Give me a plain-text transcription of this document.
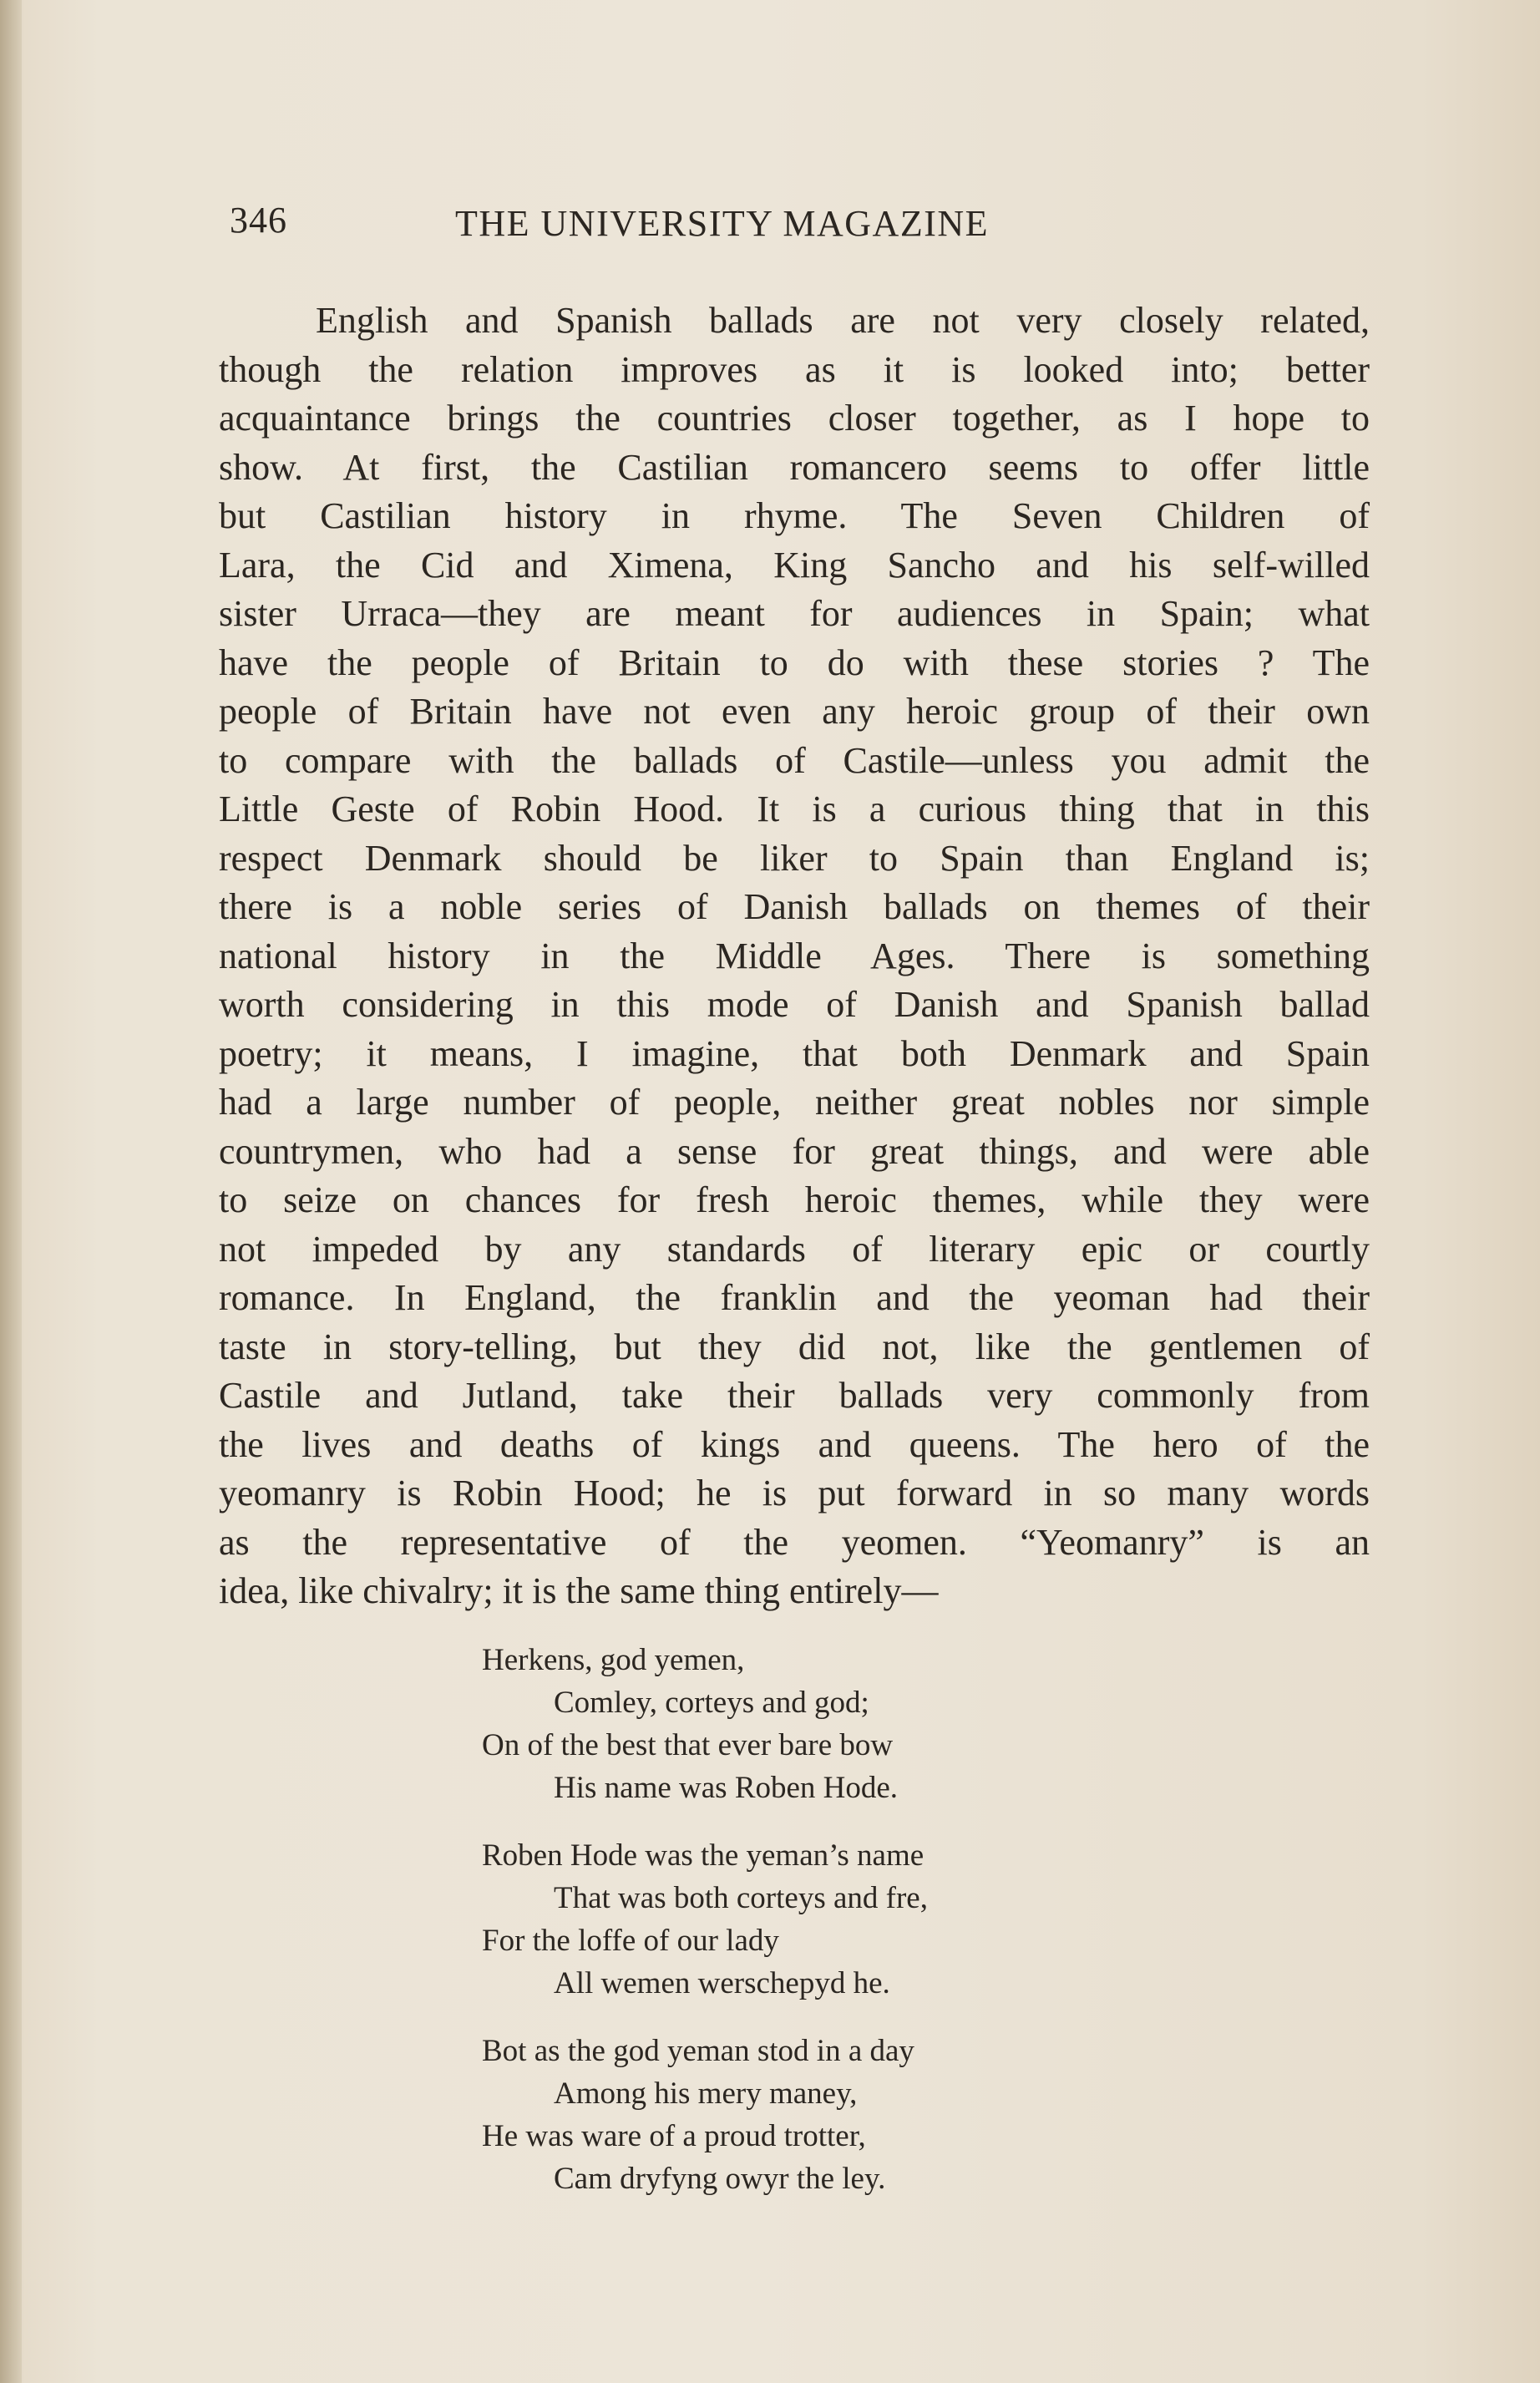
346	THE UNIVERSITY MAGAZINE
English and Spanish ballads are not very closely related,
though the relation improves as it is looked into; better
acquaintance brings the countries closer together, as I hope to
show. At first, the Castilian romancero seems to offer little
but Castilian history in rhyme. The Seven Children of
Lara, the Cid and Ximena, King Sancho and his self-willed
sister Urraca—they are meant for audiences in Spain; what
have the people of Britain to do with these stories ? The
people of Britain have not even any heroic group of their own
to compare with the ballads of Castile—unless you admit the
Little Geste of Robin Hood. It is a curious thing that in this
respect Denmark should be liker to Spain than England is;
there is a noble series of Danish ballads on themes of their
national history in the Middle Ages. There is something
worth considering in this mode of Danish and Spanish ballad
poetry; it means, I imagine, that both Denmark and Spain
had a large number of people, neither great nobles nor simple
countrymen, who had a sense for great things, and were able
to seize on chances for fresh heroic themes, while they were
not impeded by any standards of literary epic or courtly
romance. In England, the franklin and the yeoman had their
taste in story-telling, but they did not, like the gentlemen of
Castile and Jutland, take their ballads very commonly from
the lives and deaths of kings and queens. The hero of the
yeomanry is Robin Hood; he is put forward in so many words
as the representative of the yeomen. “Yeomanry” is an
idea, like chivalry; it is the same thing entirely—
Herkens, god yemen,
Comley, corteys and god;
On of the best that ever bare bow
His name was Roben Hode.
Roben Hode was the yeman’s name
That was both corteys and fre,
For the loffe of our lady
All wemen werschepyd he.
Bot as the god yeman stod in a day
Among his mery maney,
He was ware of a proud trotter,
Cam dryfyng owyr the ley.
